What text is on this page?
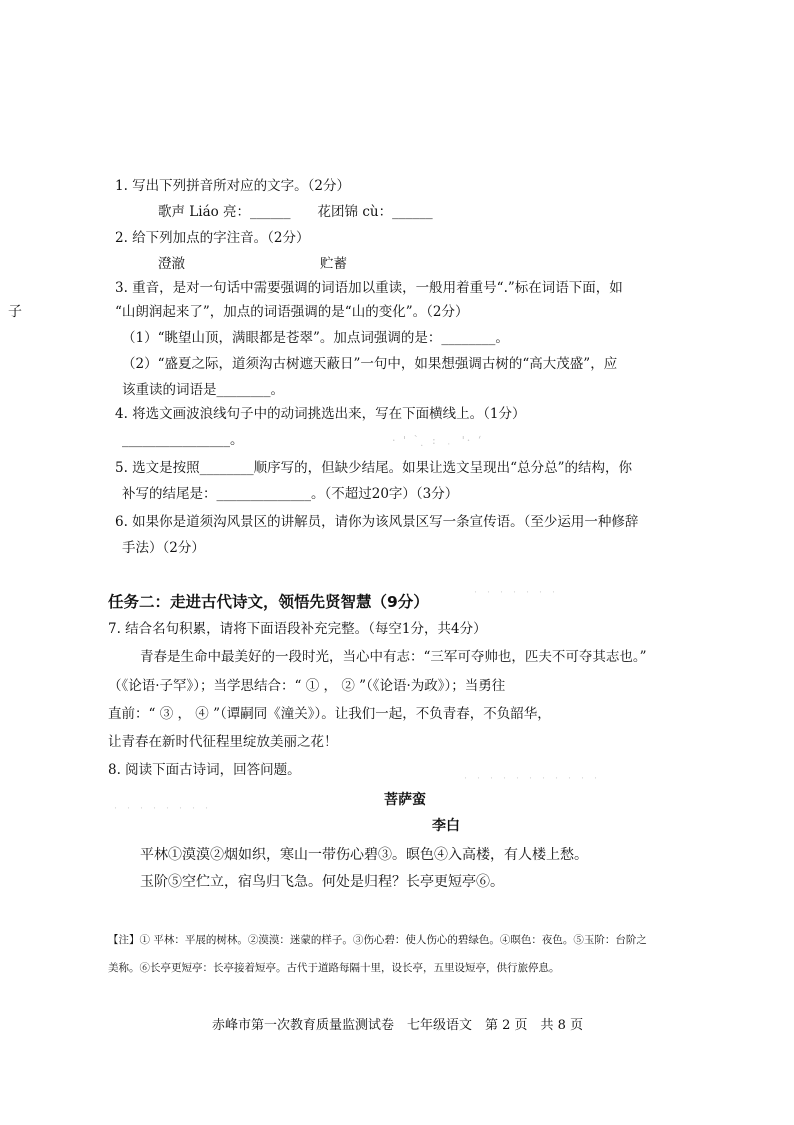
· ' ` ̣ : ﹒ '· ʻ
﹒﹒﹒﹒﹒﹒﹒
﹒﹒﹒﹒﹒﹒﹒﹒
﹒﹒﹒﹒﹒﹒﹒﹒﹒﹒﹒
子
1. 写出下列拼音所对应的文字。（2分）
歌声 Liáo 亮：______　　花团锦 cù：______
2. 给下列加点的字注音。（2分）
澄澈　　　　　　　　　　贮蓄
3. 重音，是对一句话中需要强调的词语加以重读，一般用着重号“.”标在词语下面，如
“山朗润起来了”，加点的词语强调的是“山的变化”。（2分）
（1）“眺望山顶，满眼都是苍翠”。加点词强调的是：________。
（2）“盛夏之际，道须沟古树遮天蔽日”一句中，如果想强调古树的“高大茂盛”，应
该重读的词语是________。
4. 将选文画波浪线句子中的动词挑选出来，写在下面横线上。（1分）
________________。
5. 选文是按照________顺序写的，但缺少结尾。如果让选文呈现出“总分总”的结构，你
补写的结尾是：______________。（不超过20字）（3分）
6. 如果你是道须沟风景区的讲解员，请你为该风景区写一条宣传语。（至少运用一种修辞
手法）（2分）
任务二：走进古代诗文，领悟先贤智慧（9分）
7. 结合名句积累，请将下面语段补充完整。（每空1分，共4分）
青春是生命中最美好的一段时光，当心中有志：“三军可夺帅也，匹夫不可夺其志也。”
（《论语·子罕》）；当学思结合：“ ① ， ② ”（《论语·为政》）；当勇往
直前：“ ③ ， ④ ”（谭嗣同《潼关》）。让我们一起，不负青春，不负韶华，
让青春在新时代征程里绽放美丽之花！
8. 阅读下面古诗词，回答问题。
菩萨蛮
李白
平林①漠漠②烟如织，寒山一带伤心碧③。暝色④入高楼，有人楼上愁。
玉阶⑤空伫立，宿鸟归飞急。何处是归程？长亭更短亭⑥。
【注】① 平林：平展的树林。②漠漠：迷蒙的样子。③伤心碧：使人伤心的碧绿色。④暝色：夜色。⑤玉阶：台阶之
美称。⑥长亭更短亭：长亭接着短亭。古代于道路每隔十里，设长亭，五里设短亭，供行旅停息。
赤峰市第一次教育质量监测试卷　七年级语文　第 2 页　共 8 页
